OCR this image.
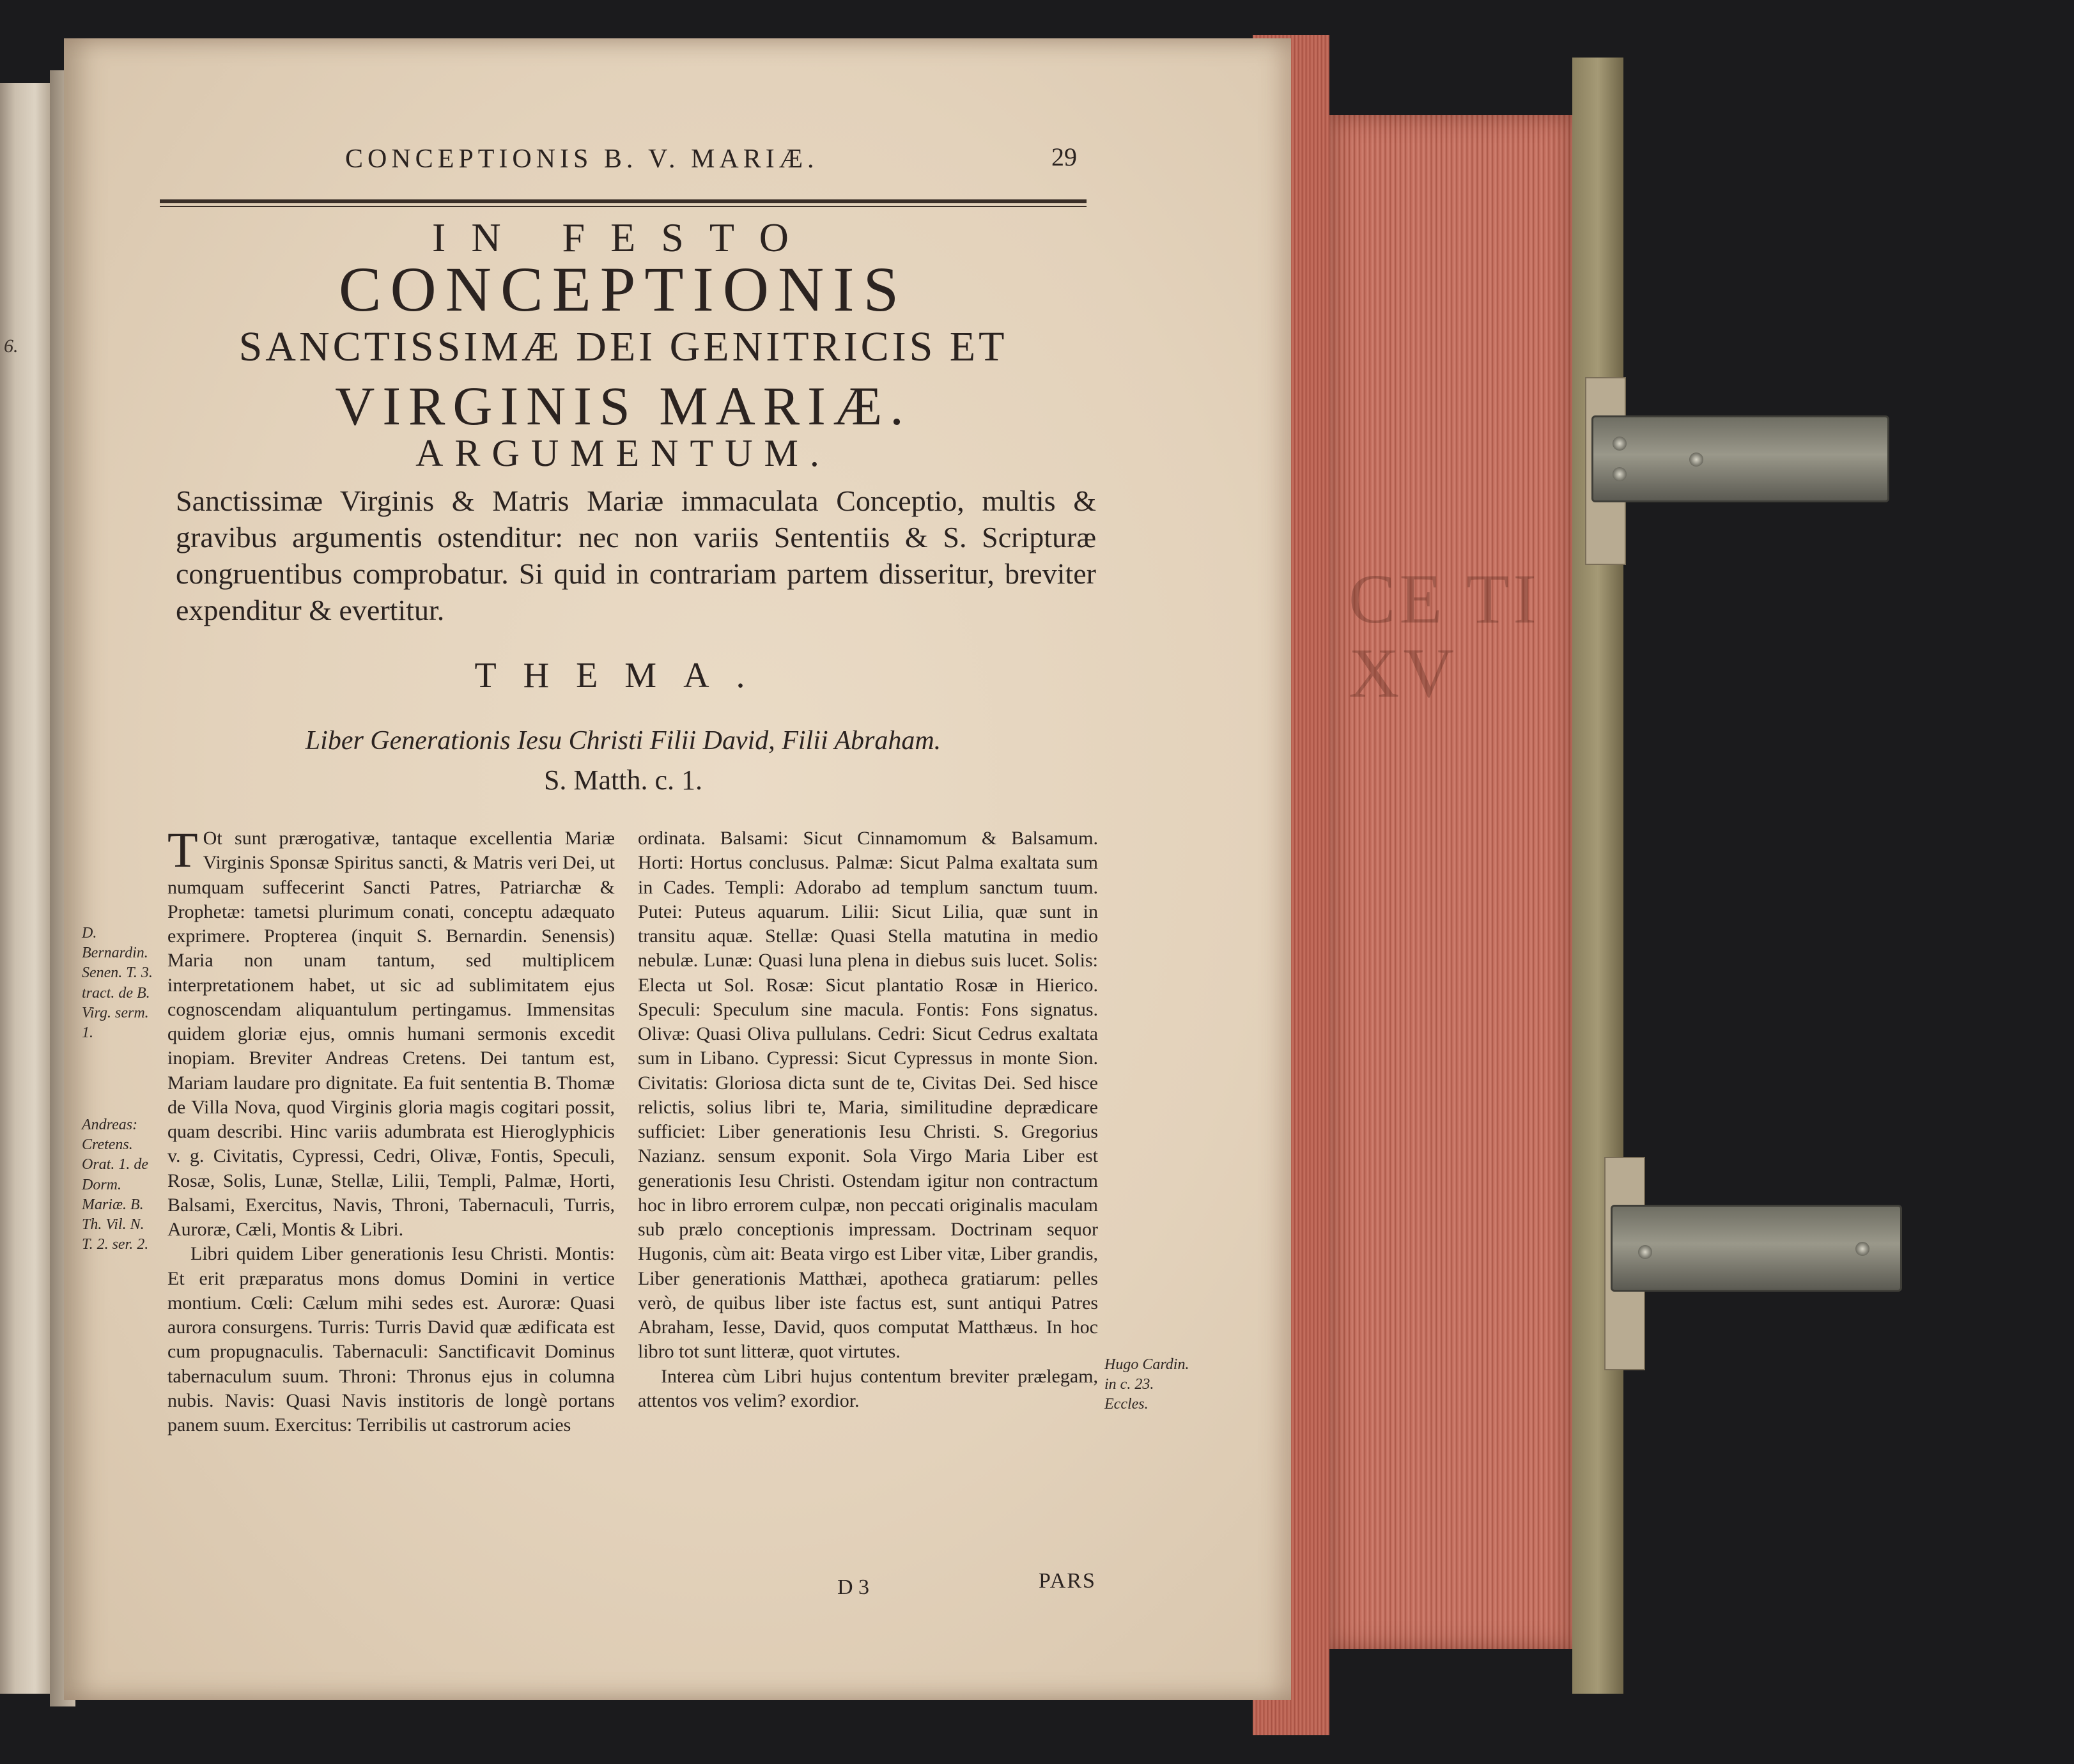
6.
CE TI
XV
CONCEPTIONIS B. V. MARIÆ.	29
IN FESTO
CONCEPTIONIS
SANCTISSIMÆ DEI GENITRICIS ET
VIRGINIS MARIÆ.
ARGUMENTUM.
Sanctissimæ Virginis & Matris Mariæ immaculata Conceptio, multis & gravibus argumentis ostenditur: nec non variis Sententiis & S. Scripturæ congruentibus comprobatur. Si quid in contrariam partem disseritur, breviter expenditur & evertitur.
THEMA.
Liber Generationis Iesu Christi Filii David, Filii Abraham.
S. Matth. c. 1.

T Ot sunt prærogativæ, tantaque excellentia Mariæ Virginis Sponsæ Spiritus sancti, & Matris veri Dei, ut numquam suffecerint Sancti Patres, Patriarchæ & Prophetæ: tametsi plurimum conati, conceptu adæquato exprimere. Propterea (inquit S. Bernardin. Senensis) Maria non unam tantum, sed multiplicem interpretationem habet, ut sic ad sublimitatem ejus cognoscendam aliquantulum pertingamus. Immensitas quidem gloriæ ejus, omnis humani sermonis excedit inopiam. Breviter Andreas Cretens. Dei tantum est, Mariam laudare pro dignitate. Ea fuit sententia B. Thomæ de Villa Nova, quod Virginis gloria magis cogitari possit, quam describi. Hinc variis adumbrata est Hieroglyphicis v. g. Civitatis, Cypressi, Cedri, Olivæ, Fontis, Speculi, Rosæ, Solis, Lunæ, Stellæ, Lilii, Templi, Palmæ, Horti, Balsami, Exercitus, Navis, Throni, Tabernaculi, Turris, Auroræ, Cæli, Montis & Libri.

Libri quidem Liber generationis Iesu Christi. Montis: Et erit præparatus mons domus Domini in vertice montium. Cœli: Cælum mihi sedes est. Auroræ: Quasi aurora consurgens. Turris: Turris David quæ ædificata est cum propugnaculis. Tabernaculi: Sanctificavit Dominus tabernaculum suum. Throni: Thronus ejus in columna nubis. Navis: Quasi Navis institoris de longè portans panem suum. Exercitus: Terribilis ut castrorum acies

ordinata. Balsami: Sicut Cinnamomum & Balsamum. Horti: Hortus conclusus. Palmæ: Sicut Palma exaltata sum in Cades. Templi: Adorabo ad templum sanctum tuum. Putei: Puteus aquarum. Lilii: Sicut Lilia, quæ sunt in transitu aquæ. Stellæ: Quasi Stella matutina in medio nebulæ. Lunæ: Quasi luna plena in diebus suis lucet. Solis: Electa ut Sol. Rosæ: Sicut plantatio Rosæ in Hierico. Speculi: Speculum sine macula. Fontis: Fons signatus. Olivæ: Quasi Oliva pullulans. Cedri: Sicut Cedrus exaltata sum in Libano. Cypressi: Sicut Cypressus in monte Sion. Civitatis: Gloriosa dicta sunt de te, Civitas Dei. Sed hisce relictis, solius libri te, Maria, similitudine deprædicare sufficiet: Liber generationis Iesu Christi. S. Gregorius Nazianz. sensum exponit. Sola Virgo Maria Liber est generationis Iesu Christi. Ostendam igitur non contractum hoc in libro errorem culpæ, non peccati originalis maculam sub prælo conceptionis impressam. Doctrinam sequor Hugonis, cùm ait: Beata virgo est Liber vitæ, Liber grandis, Liber generationis Matthæi, apotheca gratiarum: pelles verò, de quibus liber iste factus est, sunt antiqui Patres Abraham, Iesse, David, quos computat Matthæus. In hoc libro tot sunt litteræ, quot virtutes.

Interea cùm Libri hujus contentum breviter prælegam, attentos vos velim? exordior.

D. Bernardin. Senen. T. 3. tract. de B. Virg. serm. 1.
Andreas: Cretens. Orat. 1. de Dorm. Mariæ. B. Th. Vil. N. T. 2. ser. 2.
Hugo Cardin. in c. 23. Eccles.
D 3	PARS
